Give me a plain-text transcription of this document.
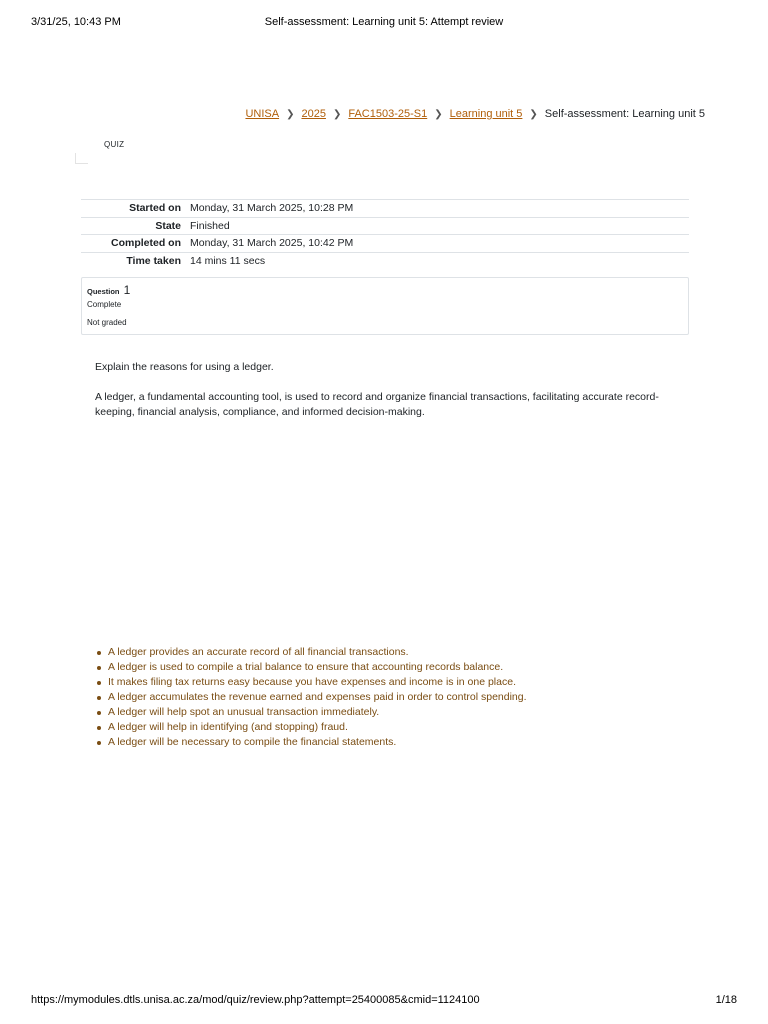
3/31/25, 10:43 PM	Self-assessment: Learning unit 5: Attempt review
UNISA ❯ 2025 ❯ FAC1503-25-S1 ❯ Learning unit 5 ❯ Self-assessment: Learning unit 5
QUIZ
Started on	Monday, 31 March 2025, 10:28 PM
State	Finished
Completed on	Monday, 31 March 2025, 10:42 PM
Time taken	14 mins 11 secs
Question 1
Complete
Not graded
Explain the reasons for using a ledger.
A ledger, a fundamental accounting tool, is used to record and organize financial transactions, facilitating accurate record-keeping, financial analysis, compliance, and informed decision-making.
A ledger provides an accurate record of all financial transactions.
A ledger is used to compile a trial balance to ensure that accounting records balance.
It makes filing tax returns easy because you have expenses and income is in one place.
A ledger accumulates the revenue earned and expenses paid in order to control spending.
A ledger will help spot an unusual transaction immediately.
A ledger will help in identifying (and stopping) fraud.
A ledger will be necessary to compile the financial statements.
https://mymodules.dtls.unisa.ac.za/mod/quiz/review.php?attempt=25400085&cmid=1124100	1/18
